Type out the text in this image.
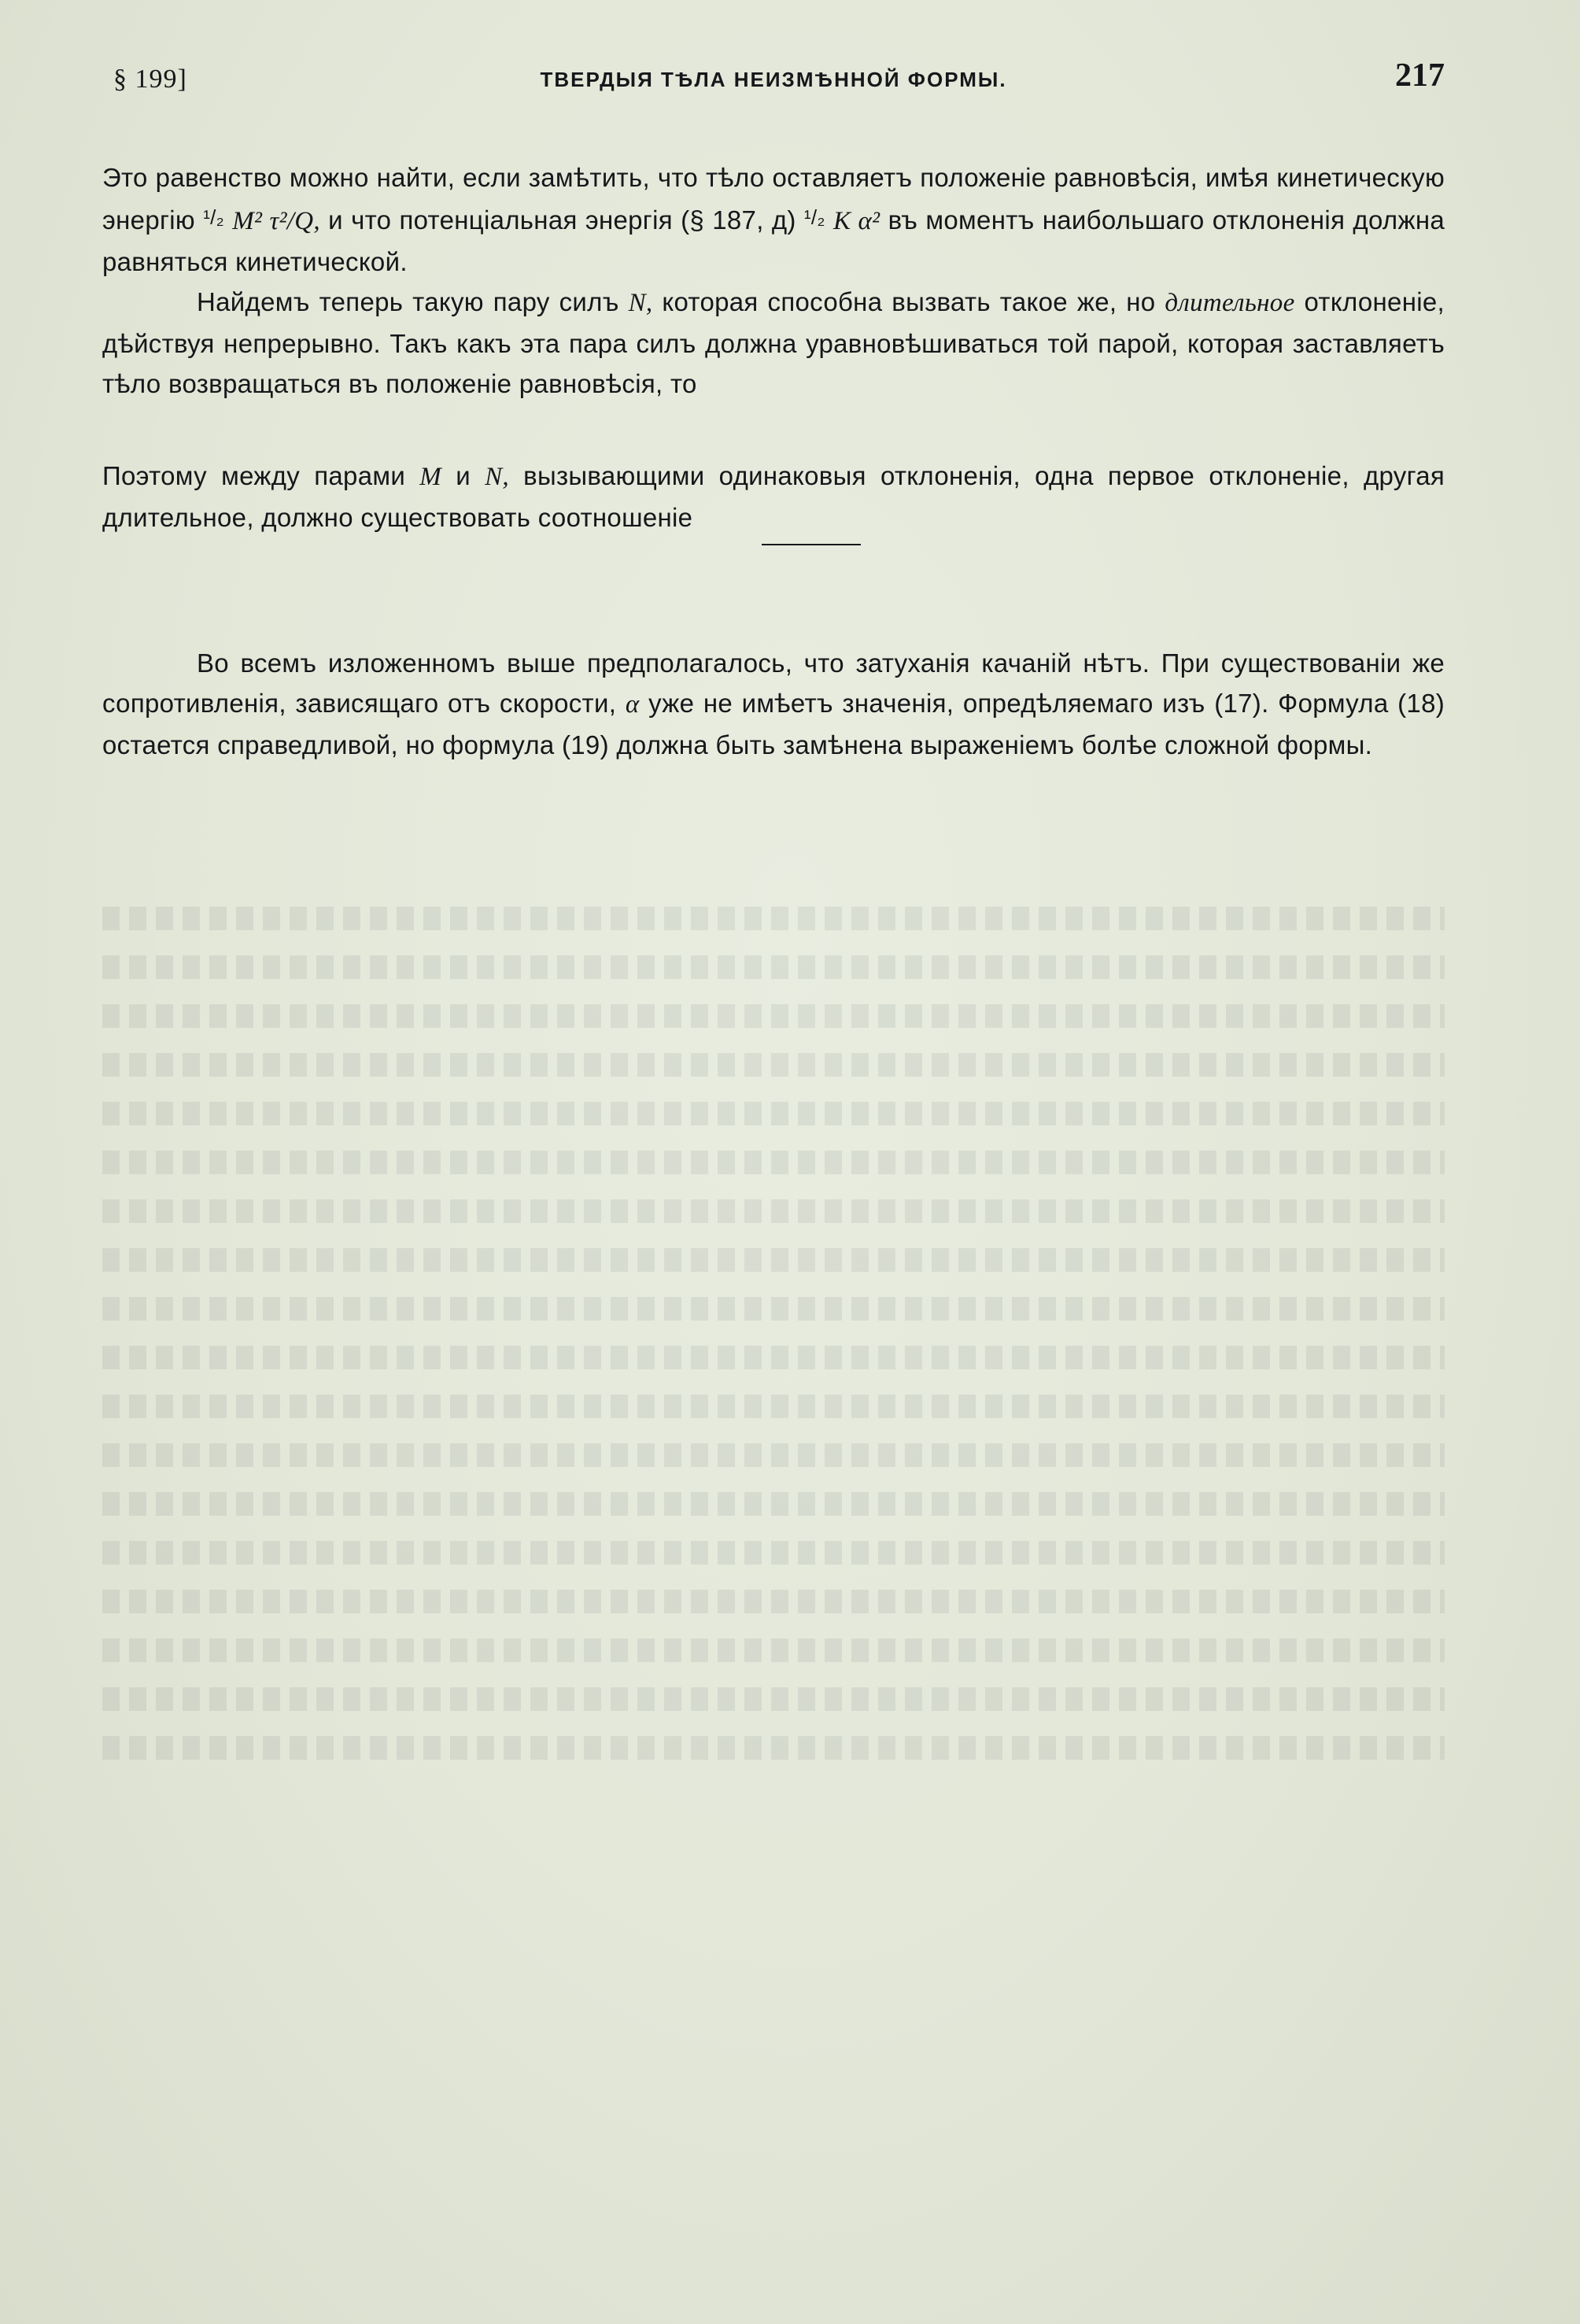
§ 199]	ТВЕРДЫЯ ТѢЛА НЕИЗМѢННОЙ ФОРМЫ.	217

Это равенство можно найти, если замѣтить, что тѣло оставляетъ положеніе равновѣсія, имѣя кинетическую энергію ¹/₂ M² τ²/Q, и что потенціальная энергія (§ 187, д) ¹/₂ K α² въ моментъ наибольшаго отклоненія должна равняться кинетической.

Найдемъ теперь такую пару силъ N, которая способна вызвать такое же, но длительное отклоненіе, дѣйствуя непрерывно. Такъ какъ эта пара силъ должна уравновѣшиваться той парой, которая заставляетъ тѣло возвращаться въ положеніе равновѣсія, то

Поэтому между парами M и N, вызывающими одинаковыя отклоненія, одна первое отклоненіе, другая длительное, должно существовать соотношеніе

Во всемъ изложенномъ выше предполагалось, что затуханія качаній нѣтъ. При существованіи же сопротивленія, зависящаго отъ скорости, α уже не имѣетъ значенія, опредѣляемаго изъ (17). Формула (18) остается справедливой, но формула (19) должна быть замѣнена выраженіемъ болѣе сложной формы.
